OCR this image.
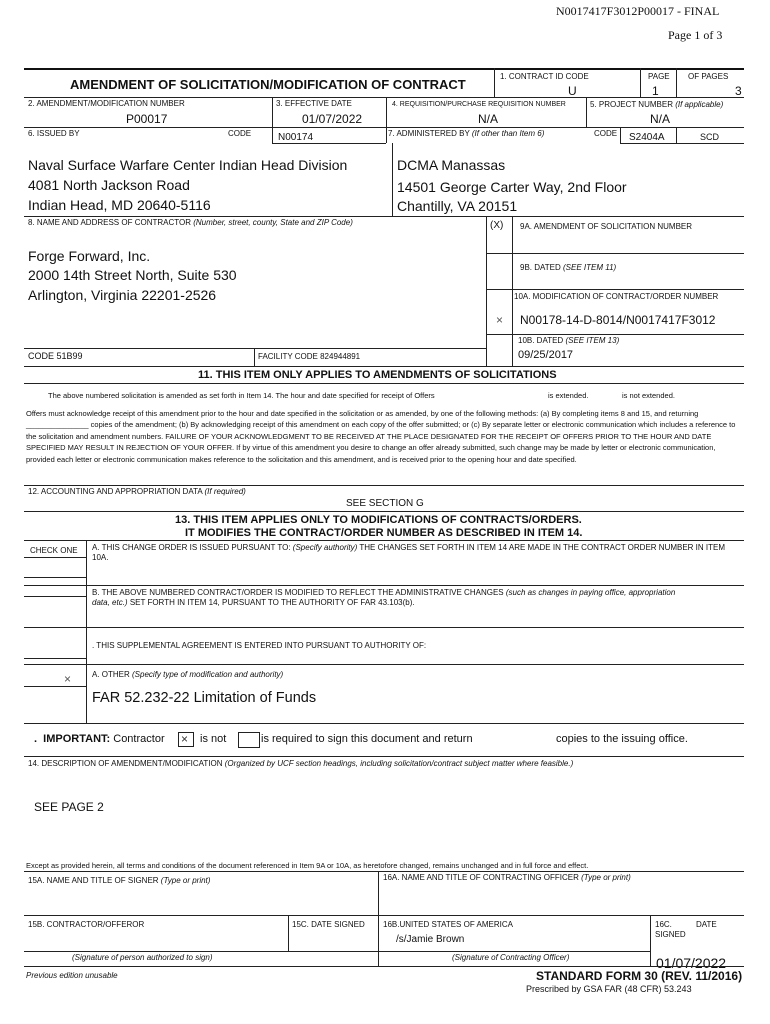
N0017417F3012P00017 - FINAL
Page 1 of 3
AMENDMENT OF SOLICITATION/MODIFICATION OF CONTRACT
1. CONTRACT ID CODE
U
PAGE
1
OF PAGES
3
2. AMENDMENT/MODIFICATION NUMBER
P00017
3. EFFECTIVE DATE
01/07/2022
4. REQUISITION/PURCHASE REQUISITION NUMBER
N/A
5. PROJECT NUMBER (If applicable)
N/A
6. ISSUED BY	CODE	N00174	7. ADMINISTERED BY (If other than Item 6)	CODE S2404A	SCD
Naval Surface Warfare Center Indian Head Division
4081 North Jackson Road
Indian Head, MD 20640-5116
DCMA Manassas
14501 George Carter Way, 2nd Floor
Chantilly, VA 20151
8. NAME AND ADDRESS OF CONTRACTOR (Number, street, county, State and ZIP Code)	(X) 9A. AMENDMENT OF SOLICITATION NUMBER
Forge Forward, Inc.
2000 14th Street North, Suite 530
Arlington, Virginia 22201-2526
9B. DATED (SEE ITEM 11)
10A. MODIFICATION OF CONTRACT/ORDER NUMBER
× N00178-14-D-8014/N0017417F3012
10B. DATED (SEE ITEM 13)
09/25/2017
CODE 51B99	FACILITY CODE 824944891
11. THIS ITEM ONLY APPLIES TO AMENDMENTS OF SOLICITATIONS
The above numbered solicitation is amended as set forth in Item 14. The hour and date specified for receipt of Offers	is extended.	is not extended.
Offers must acknowledge receipt of this amendment prior to the hour and date specified in the solicitation or as amended, by one of the following methods: (a) By completing items 8 and 15, and returning _______________ copies of the amendment; (b) By acknowledging receipt of this amendment on each copy of the offer submitted; or (c) By separate letter or electronic communication which includes a reference to the solicitation and amendment numbers. FAILURE OF YOUR ACKNOWLEDGMENT TO BE RECEIVED AT THE PLACE DESIGNATED FOR THE RECEIPT OF OFFERS PRIOR TO THE HOUR AND DATE SPECIFIED MAY RESULT IN REJECTION OF YOUR OFFER. If by virtue of this amendment you desire to change an offer already submitted, such change may be made by letter or electronic communication, provided each letter or electronic communication makes reference to the solicitation and this amendment, and is received prior to the opening hour and date specified.
12. ACCOUNTING AND APPROPRIATION DATA (If required)
SEE SECTION G
13. THIS ITEM APPLIES ONLY TO MODIFICATIONS OF CONTRACTS/ORDERS.
IT MODIFIES THE CONTRACT/ORDER NUMBER AS DESCRIBED IN ITEM 14.
CHECK ONE
×
A. THIS CHANGE ORDER IS ISSUED PURSUANT TO: (Specify authority) THE CHANGES SET FORTH IN ITEM 14 ARE MADE IN THE CONTRACT ORDER NUMBER IN ITEM 10A.
B. THE ABOVE NUMBERED CONTRACT/ORDER IS MODIFIED TO REFLECT THE ADMINISTRATIVE CHANGES (such as changes in paying office, appropriation data, etc.) SET FORTH IN ITEM 14, PURSUANT TO THE AUTHORITY OF FAR 43.103(b).
. THIS SUPPLEMENTAL AGREEMENT IS ENTERED INTO PURSUANT TO AUTHORITY OF:
A. OTHER (Specify type of modification and authority)
FAR 52.232-22 Limitation of Funds
.  IMPORTANT: Contractor × is not	is required to sign this document and return	copies to the issuing office.
14. DESCRIPTION OF AMENDMENT/MODIFICATION (Organized by UCF section headings, including solicitation/contract subject matter where feasible.)
SEE PAGE 2
Except as provided herein, all terms and conditions of the document referenced in Item 9A or 10A, as heretofore changed, remains unchanged and in full force and effect.
15A. NAME AND TITLE OF SIGNER (Type or print)	16A. NAME AND TITLE OF CONTRACTING OFFICER (Type or print)
15B. CONTRACTOR/OFFEROR	15C. DATE SIGNED 16B.UNITED STATES OF AMERICA
/s/Jamie Brown
16C.	DATE
SIGNED
(Signature of person authorized to sign)	(Signature of Contracting Officer)	01/07/2022
Previous edition unusable	STANDARD FORM 30 (REV. 11/2016)
Prescribed by GSA FAR (48 CFR) 53.243
